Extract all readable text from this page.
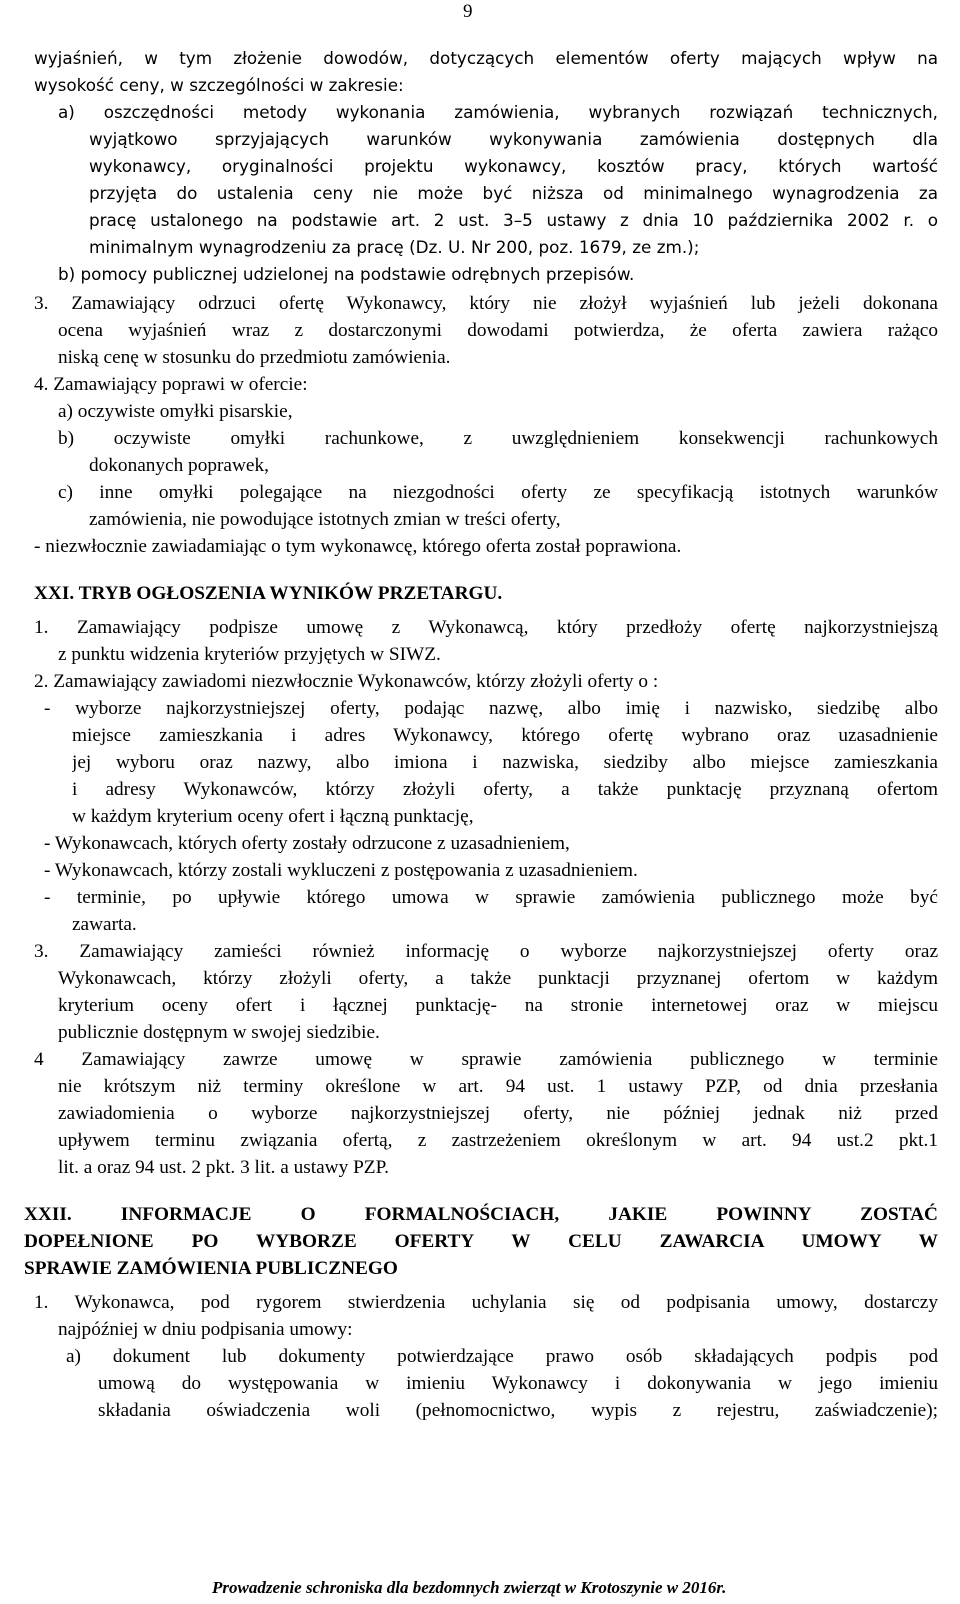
9
wyjaśnień, w tym złożenie dowodów, dotyczących elementów oferty mających wpływ na
wysokość ceny, w szczególności w zakresie:
a) oszczędności metody wykonania zamówienia, wybranych rozwiązań technicznych,
wyjątkowo sprzyjających warunków wykonywania zamówienia dostępnych dla
wykonawcy, oryginalności projektu wykonawcy, kosztów pracy, których wartość
przyjęta do ustalenia ceny nie może być niższa od minimalnego wynagrodzenia za
pracę ustalonego na podstawie art. 2 ust. 3–5 ustawy z dnia 10 października 2002 r. o
minimalnym wynagrodzeniu za pracę (Dz. U. Nr 200, poz. 1679, ze zm.);
b) pomocy publicznej udzielonej na podstawie odrębnych przepisów.
3. Zamawiający odrzuci ofertę Wykonawcy, który nie złożył wyjaśnień lub jeżeli dokonana
ocena wyjaśnień wraz z dostarczonymi dowodami potwierdza, że oferta zawiera rażąco
niską cenę w stosunku do przedmiotu zamówienia.
4. Zamawiający poprawi w ofercie:
a) oczywiste omyłki pisarskie,
b) oczywiste omyłki rachunkowe, z uwzględnieniem konsekwencji rachunkowych
dokonanych poprawek,
c) inne omyłki polegające na niezgodności oferty ze specyfikacją istotnych warunków
zamówienia, nie powodujące istotnych zmian w treści oferty,
- niezwłocznie zawiadamiając o tym wykonawcę, którego oferta został poprawiona.
XXI. TRYB OGŁOSZENIA WYNIKÓW PRZETARGU.
1. Zamawiający podpisze umowę z Wykonawcą, który przedłoży ofertę najkorzystniejszą
z punktu widzenia kryteriów przyjętych w SIWZ.
2. Zamawiający zawiadomi niezwłocznie Wykonawców, którzy złożyli oferty o :
- wyborze najkorzystniejszej oferty, podając nazwę, albo imię i nazwisko, siedzibę albo
miejsce zamieszkania i adres Wykonawcy, którego ofertę wybrano oraz uzasadnienie
jej wyboru oraz nazwy, albo imiona i nazwiska, siedziby albo miejsce zamieszkania
i adresy Wykonawców, którzy złożyli oferty, a także punktację przyznaną ofertom
w każdym kryterium oceny ofert i łączną punktację,
- Wykonawcach, których oferty zostały odrzucone z uzasadnieniem,
- Wykonawcach, którzy zostali wykluczeni z postępowania z uzasadnieniem.
- terminie, po upływie którego umowa w sprawie zamówienia publicznego może być
zawarta.
3. Zamawiający zamieści również informację o wyborze najkorzystniejszej oferty oraz
Wykonawcach, którzy złożyli oferty, a także punktacji przyznanej ofertom w każdym
kryterium oceny ofert i łącznej punktację- na stronie internetowej oraz w miejscu
publicznie dostępnym w swojej siedzibie.
4 Zamawiający zawrze umowę w sprawie zamówienia publicznego w terminie
nie krótszym niż terminy określone w art. 94 ust. 1 ustawy PZP, od dnia przesłania
zawiadomienia o wyborze najkorzystniejszej oferty, nie później jednak niż przed
upływem terminu związania ofertą, z zastrzeżeniem określonym w art. 94 ust.2 pkt.1
lit. a oraz 94 ust. 2 pkt. 3 lit. a ustawy PZP.
XXII. INFORMACJE O FORMALNOŚCIACH, JAKIE POWINNY ZOSTAĆ
DOPEŁNIONE PO WYBORZE OFERTY W CELU ZAWARCIA UMOWY W
SPRAWIE ZAMÓWIENIA PUBLICZNEGO
1. Wykonawca, pod rygorem stwierdzenia uchylania się od podpisania umowy, dostarczy
najpóźniej w dniu podpisania umowy:
a) dokument lub dokumenty potwierdzające prawo osób składających podpis pod
umową do występowania w imieniu Wykonawcy i dokonywania w jego imieniu
składania oświadczenia woli (pełnomocnictwo, wypis z rejestru, zaświadczenie);
Prowadzenie schroniska dla bezdomnych zwierząt w Krotoszynie w 2016r.
